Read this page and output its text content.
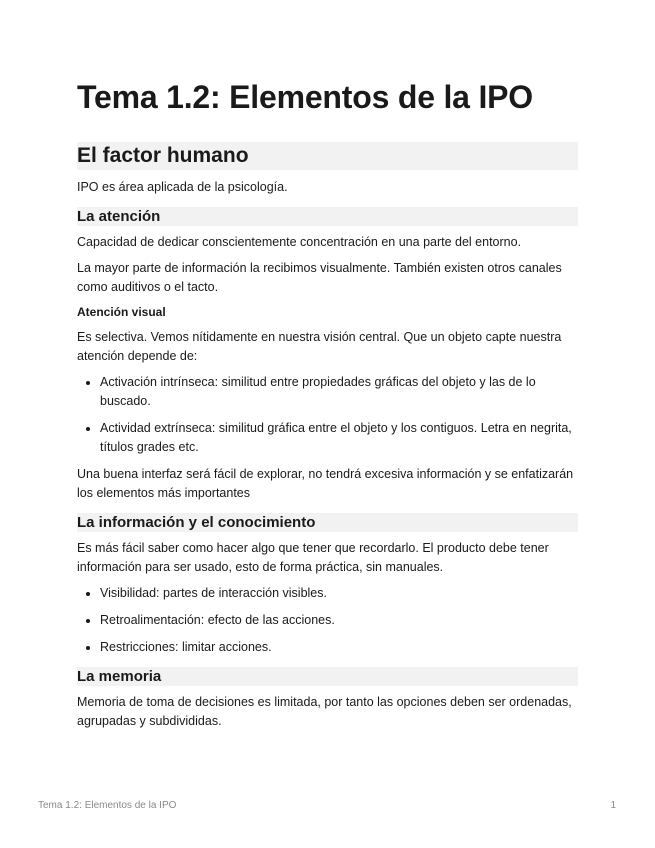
Tema 1.2: Elementos de la IPO
El factor humano

IPO es área aplicada de la psicología.

La atención

Capacidad de dedicar conscientemente concentración en una parte del entorno.

La mayor parte de información la recibimos visualmente. También existen otros canales como auditivos o el tacto.

Atención visual

Es selectiva. Vemos nítidamente en nuestra visión central. Que un objeto capte nuestra atención depende de:

Activación intrínseca: similitud entre propiedades gráficas del objeto y las de lo buscado.
Actividad extrínseca: similitud gráfica entre el objeto y los contiguos. Letra en negrita, títulos grades etc.

Una buena interfaz será fácil de explorar, no tendrá excesiva información y se enfatizarán los elementos más importantes

La información y el conocimiento

Es más fácil saber como hacer algo que tener que recordarlo. El producto debe tener información para ser usado, esto de forma práctica, sin manuales.

Visibilidad: partes de interacción visibles.
Retroalimentación: efecto de las acciones.
Restricciones: limitar acciones.
La memoria

Memoria de toma de decisiones es limitada, por tanto las opciones deben ser ordenadas, agrupadas y subdivididas.

Tema 1.2: Elementos de la IPO	1
